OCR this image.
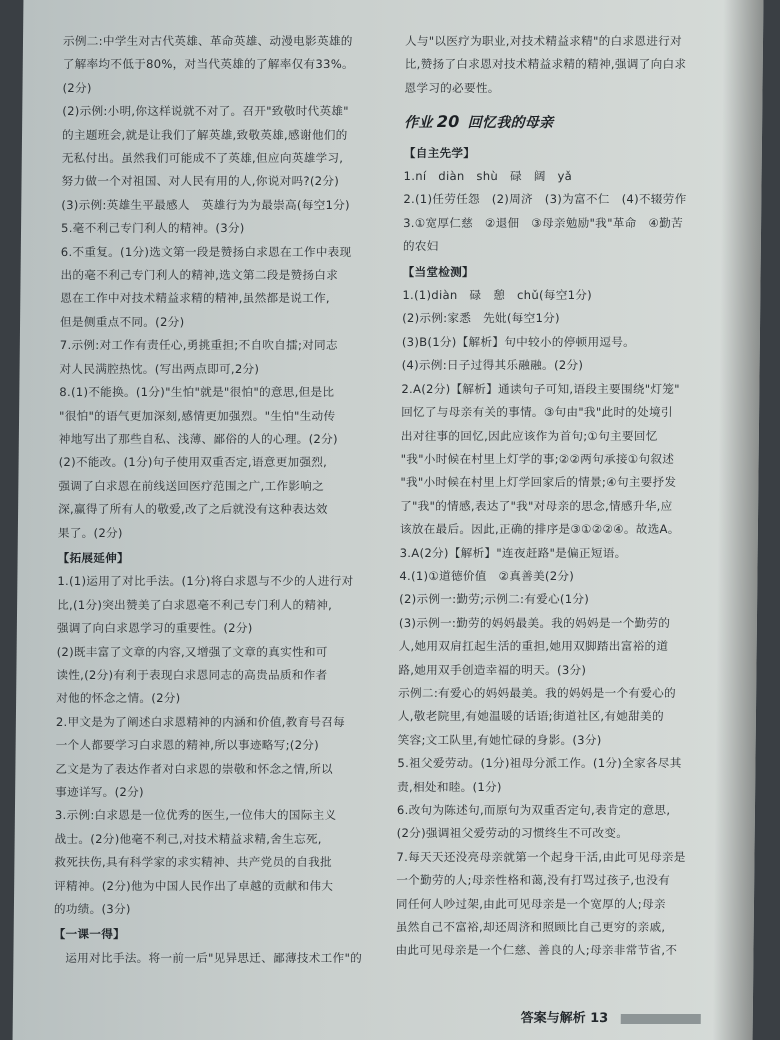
示例二:中学生对古代英雄、革命英雄、动漫电影英雄的
了解率均不低于80%，对当代英雄的了解率仅有33%。
(2分)
(2)示例:小明,你这样说就不对了。召开"致敬时代英雄"
的主题班会,就是让我们了解英雄,致敬英雄,感谢他们的
无私付出。虽然我们可能成不了英雄,但应向英雄学习,
努力做一个对祖国、对人民有用的人,你说对吗?(2分)
(3)示例:英雄生平最感人　英雄行为为最崇高(每空1分)
5.毫不利己专门利人的精神。(3分)
6.不重复。(1分)选文第一段是赞扬白求恩在工作中表现
出的毫不利己专门利人的精神,选文第二段是赞扬白求
恩在工作中对技术精益求精的精神,虽然都是说工作,
但是侧重点不同。(2分)
7.示例:对工作有责任心,勇挑重担;不自吹自擂;对同志
对人民满腔热忱。(写出两点即可,2分)
8.(1)不能换。(1分)"生怕"就是"很怕"的意思,但是比
"很怕"的语气更加深刻,感情更加强烈。"生怕"生动传
神地写出了那些自私、浅薄、鄙俗的人的心理。(2分)
(2)不能改。(1分)句子使用双重否定,语意更加强烈,
强调了白求恩在前线送回医疗范围之广,工作影响之
深,赢得了所有人的敬爱,改了之后就没有这种表达效
果了。(2分)
【拓展延伸】
1.(1)运用了对比手法。(1分)将白求恩与不少的人进行对
比,(1分)突出赞美了白求恩毫不利己专门利人的精神,
强调了向白求恩学习的重要性。(2分)
(2)既丰富了文章的内容,又增强了文章的真实性和可
读性,(2分)有利于表现白求恩同志的高贵品质和作者
对他的怀念之情。(2分)
2.甲文是为了阐述白求恩精神的内涵和价值,教育号召每
一个人都要学习白求恩的精神,所以事迹略写;(2分)
乙文是为了表达作者对白求恩的崇敬和怀念之情,所以
事迹详写。(2分)
3.示例:白求恩是一位优秀的医生,一位伟大的国际主义
战士。(2分)他毫不利己,对技术精益求精,舍生忘死,
救死扶伤,具有科学家的求实精神、共产党员的自我批
评精神。(2分)他为中国人民作出了卓越的贡献和伟大
的功绩。(3分)
【一课一得】
　运用对比手法。将一前一后"见异思迁、鄙薄技术工作"的
人与"以医疗为职业,对技术精益求精"的白求恩进行对
比,赞扬了白求恩对技术精益求精的精神,强调了向白求
恩学习的必要性。
作业 20 回忆我的母亲
【自主先学】
1.ní　diàn　shù　碌　阔　yǎ
2.(1)任劳任怨　(2)周济　(3)为富不仁　(4)不辍劳作
3.①宽厚仁慈　②退佃　③母亲勉励"我"革命　④勤苦
的农妇
【当堂检测】
1.(1)diàn　碌　憩　chǔ(每空1分)
(2)示例:家悉　先妣(每空1分)
(3)B(1分)【解析】句中较小的停顿用逗号。
(4)示例:日子过得其乐融融。(2分)
2.A(2分)【解析】通读句子可知,语段主要围绕"灯笼"
回忆了与母亲有关的事情。③句由"我"此时的处境引
出对往事的回忆,因此应该作为首句;①句主要回忆
"我"小时候在村里上灯学的事;②②两句承接①句叙述
"我"小时候在村里上灯学回家后的情景;④句主要抒发
了"我"的情感,表达了"我"对母亲的思念,情感升华,应
该放在最后。因此,正确的排序是③①②②④。故选A。
3.A(2分)【解析】"连夜赶路"是偏正短语。
4.(1)①道德价值　②真善美(2分)
(2)示例一:勤劳;示例二:有爱心(1分)
(3)示例一:勤劳的妈妈最美。我的妈妈是一个勤劳的
人,她用双肩扛起生活的重担,她用双脚踏出富裕的道
路,她用双手创造幸福的明天。(3分)
示例二:有爱心的妈妈最美。我的妈妈是一个有爱心的
人,敬老院里,有她温暖的话语;街道社区,有她甜美的
笑容;文工队里,有她忙碌的身影。(3分)
5.祖父爱劳动。(1分)祖母分派工作。(1分)全家各尽其
责,相处和睦。(1分)
6.改句为陈述句,而原句为双重否定句,表肯定的意思,
(2分)强调祖父爱劳动的习惯终生不可改变。
7.每天天还没亮母亲就第一个起身干活,由此可见母亲是
一个勤劳的人;母亲性格和蔼,没有打骂过孩子,也没有
同任何人吵过架,由此可见母亲是一个宽厚的人;母亲
虽然自己不富裕,却还周济和照顾比自己更穷的亲戚,
由此可见母亲是一个仁慈、善良的人;母亲非常节省,不
答案与解析 13
